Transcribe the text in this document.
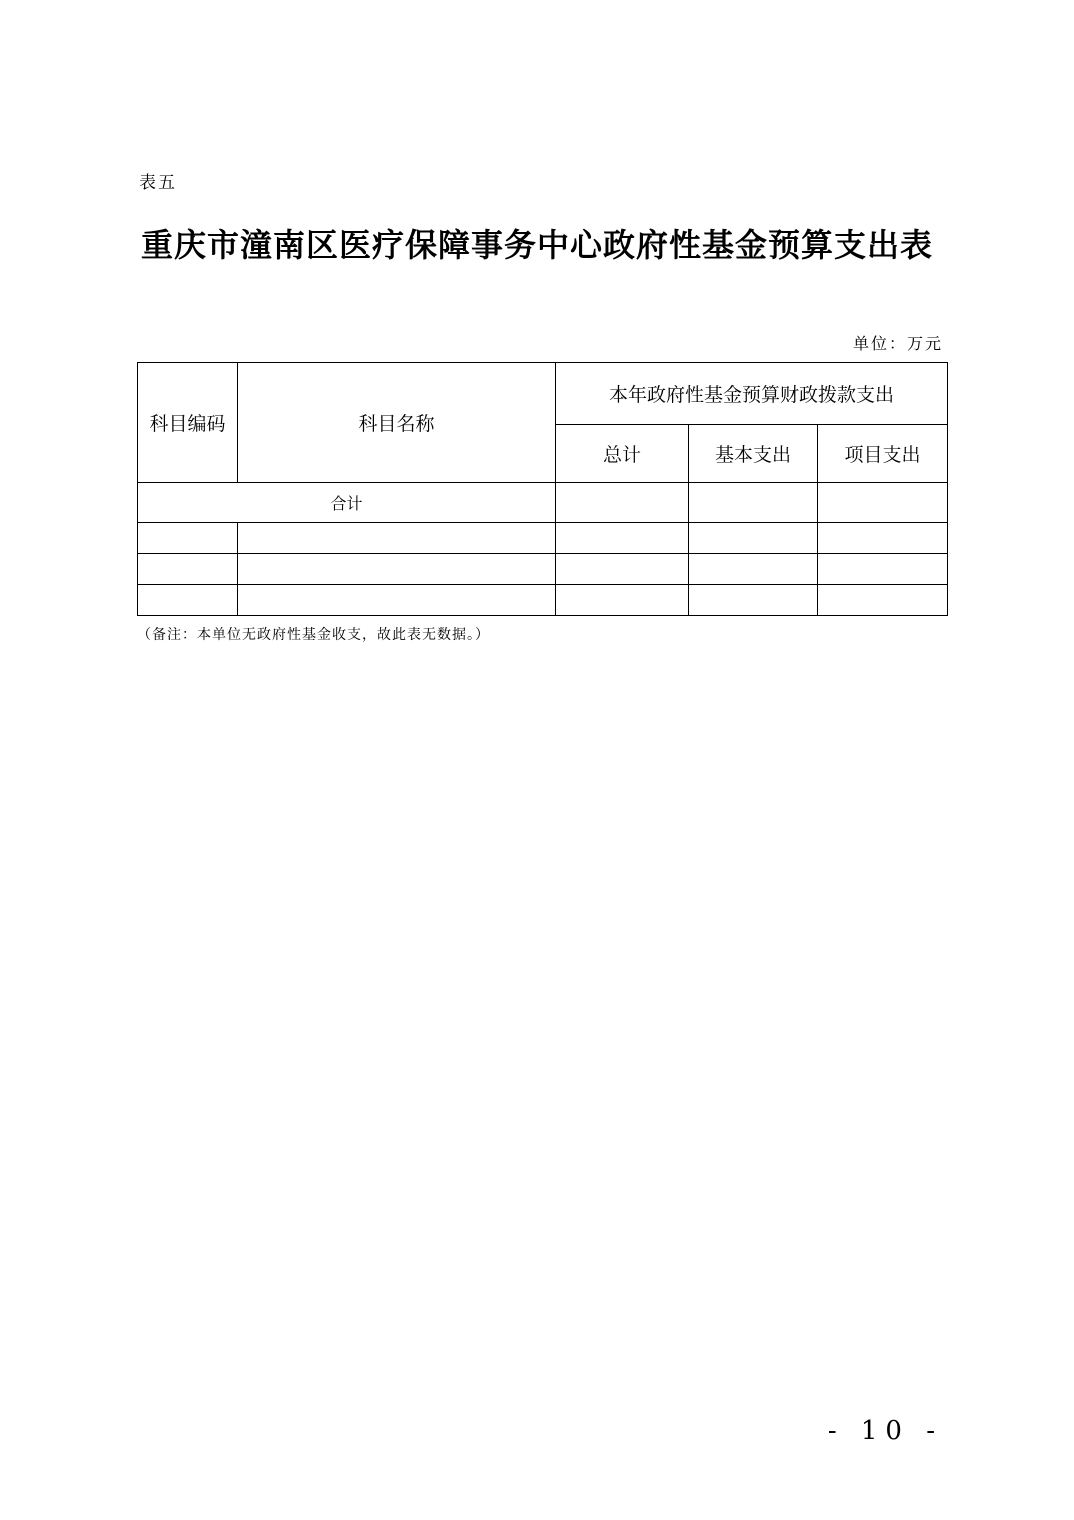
表五
重庆市潼南区医疗保障事务中心政府性基金预算支出表
单位：万元
科目编码	科目名称	本年政府性基金预算财政拨款支出		
		总计	基本支出	项目支出
合计				

（备注：本单位无政府性基金收支，故此表无数据。）
- 10 -
